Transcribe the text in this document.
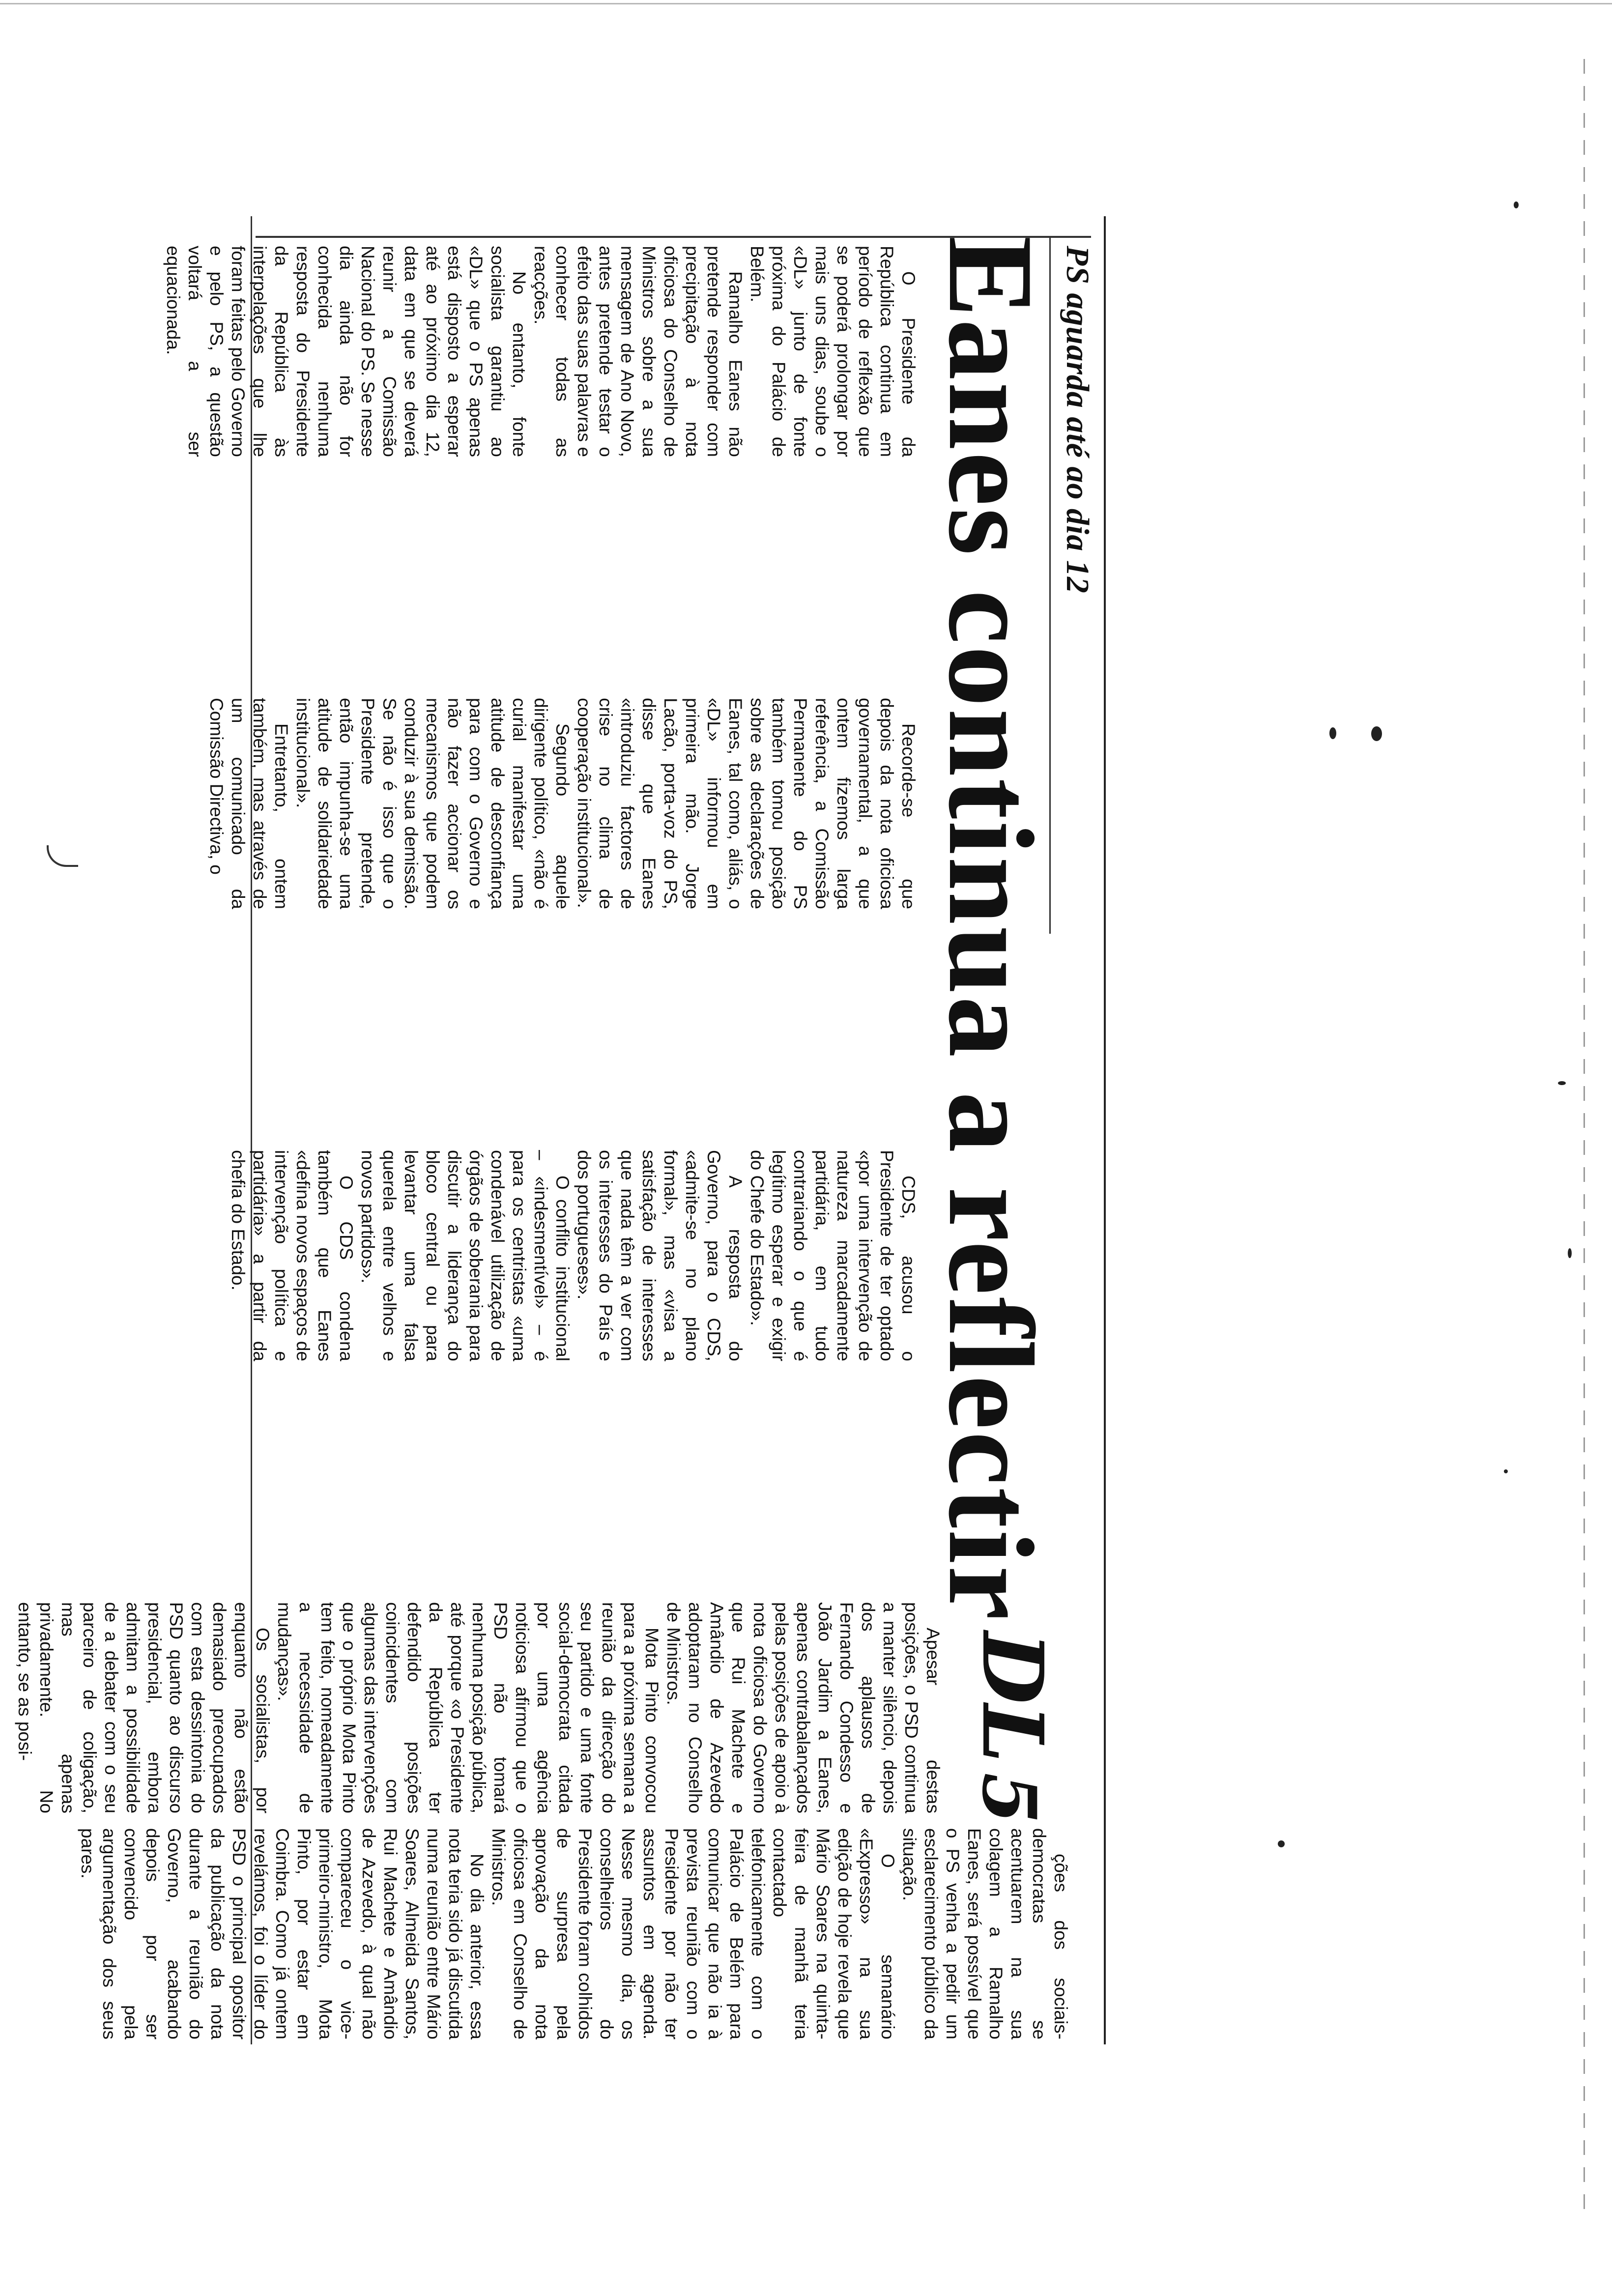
PS aguarda até ao dia 12
Eanes continua a reflectir
DL5

O Presidente da República continua em período de reflexão que se poderá prolongar por mais uns dias, soube o «DL» junto de fonte próxima do Palácio de Belém.

Ramalho Eanes não pretende responder com precipitação à nota oficiosa do Conselho de Ministros sobre a sua mensagem de Ano Novo, antes pretende testar o efeito das suas palavras e conhecer todas as reacções.

No entanto, fonte socialista garantiu ao «DL» que o PS apenas está disposto a esperar até ao próximo dia 12, data em que se deverá reunir a Comissão Nacional do PS. Se nesse dia ainda não for conhecida nenhuma resposta do Presidente da República às interpelações que lhe foram feitas pelo Governo e pelo PS, a questão voltará a ser equacionada.

Recorde-se que depois da nota oficiosa governamental, a que ontem fizemos larga referência, a Comissão Permanente do PS também tomou posição sobre as declarações de Eanes, tal como, aliás, o «DL» informou em primeira mão. Jorge Lacão, porta-voz do PS, disse que Eanes «introduziu factores de crise no clima de cooperação institucional».

Segundo aquele dirigente político, «não é curial manifestar uma atitude de desconfiança para com o Governo e não fazer accionar os mecanismos que podem conduzir à sua demissão. Se não é isso que o Presidente pretende, então impunha-se uma atitude de solidariedade institucional».

Entretanto, ontem também, mas através de um comunicado da Comissão Directiva, o

CDS, acusou o Presidente de ter optado «por uma intervenção de natureza marcadamente partidária, em tudo contrariando o que é legítimo esperar e exigir do Chefe do Estado».

A resposta do Governo, para o CDS, «admite-se no plano formal», mas «visa a satisfação de interesses que nada têm a ver com os interesses do País e dos portugueses».

O conflito institucional – «indesmentível» – é para os centristas «uma condenável utilização de órgãos de soberania para discutir a liderança do bloco central ou para levantar uma falsa querela entre velhos e novos partidos».

O CDS condena também que Eanes «defina novos espaços de intervenção política e partidária» a partir da chefia do Estado.

Apesar destas posições, o PSD continua a manter silêncio, depois dos aplausos de Fernando Condesso e João Jardim a Eanes, apenas contrabalançados pelas posições de apoio à nota oficiosa do Governo que Rui Machete e Amândio de Azevedo adoptaram no Conselho de Ministros.

Mota Pinto convocou para a próxima semana a reunião da direcção do seu partido e uma fonte social-democrata citada por uma agência noticiosa afirmou que o PSD não tomará nenhuma posição pública, até porque «o Presidente da República ter defendido posições coincidentes com algumas das intervenções que o próprio Mota Pinto tem feito, nomeadamente a necessidade de mudanças».

Os socialistas, por enquanto não estão demasiado preocupados com esta dessintonia do PSD quanto ao discurso presidencial, embora admitam a possibilidade de a debater com o seu parceiro de coligação, mas apenas privadamente. No entanto, se as posi-

ções dos sociais-democratas se acentuarem na sua colagem a Ramalho Eanes, será possível que o PS venha a pedir um esclarecimento público da situação.

O semanário «Expresso» na sua edição de hoje revela que Mário Soares na quinta-feira de manhã teria contactado telefonicamente com o Palácio de Belém para comunicar que não ia à prevista reunião com o Presidente por não ter assuntos em agenda. Nesse mesmo dia, os conselheiros do Presidente foram colhidos de surpresa pela aprovação da nota oficiosa em Conselho de Ministros.

No dia anterior, essa nota teria sido já discutida numa reunião entre Mário Soares, Almeida Santos, Rui Machete e Amândio de Azevedo, à qual não compareceu o vice-primeiro-ministro, Mota Pinto, por estar em Coimbra. Como já ontem revelámos, foi o líder do PSD o principal opositor da publicação da nota durante a reunião do Governo, acabando depois por ser convencido pela argumentação dos seus pares.
